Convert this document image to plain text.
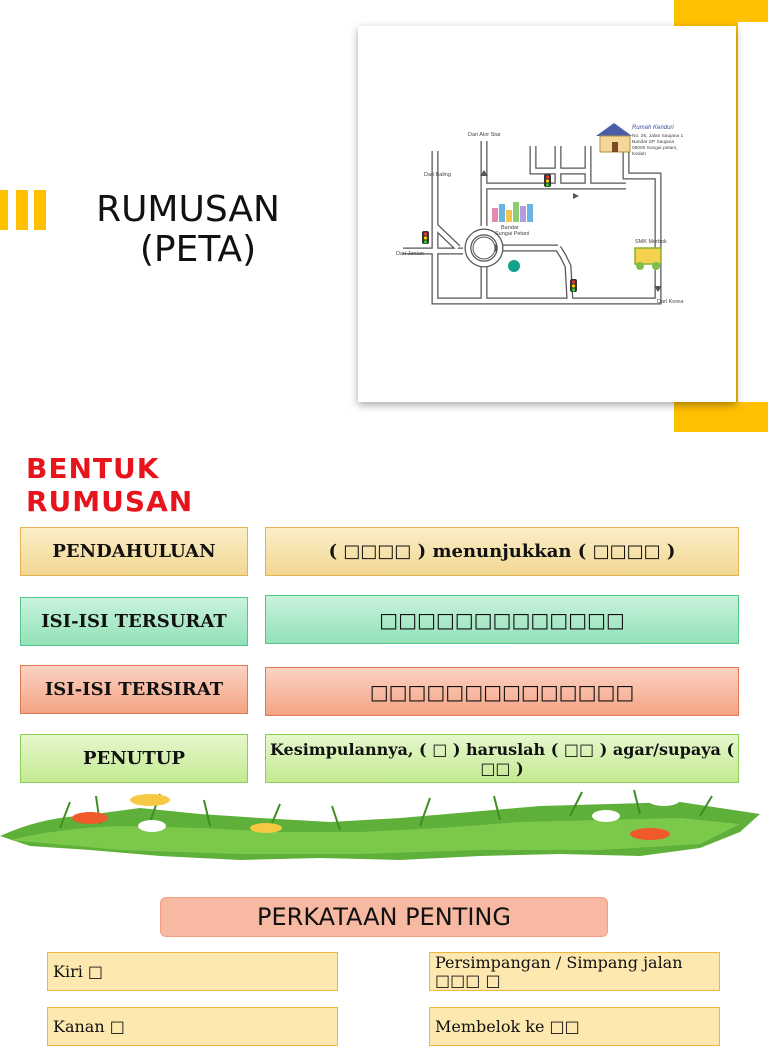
RUMUSAN
(PETA)
Dari Alor Star
Dari Baling
Dari Jeniun
Dari Korea
SMK Merbok
Bandar
Sungai Petani
Rumah Kenduri
No. 26, Jalan Saujana 1
Bandar SP Saujana
08000 Sungai petani,
Kedah
BENTUK
RUMUSAN
PENDAHULUAN	( □□□□ ) menunjukkan ( □□□□ )
ISI-ISI TERSURAT	□□□□□□□□□□□□□
ISI-ISI TERSIRAT	□□□□□□□□□□□□□□
PENUTUP	Kesimpulannya, ( □ ) haruslah ( □□ ) agar/supaya ( □□ )
PERKATAAN PENTING
Kiri □	Persimpangan / Simpang jalan □□□ □
Kanan □	Membelok ke □□
